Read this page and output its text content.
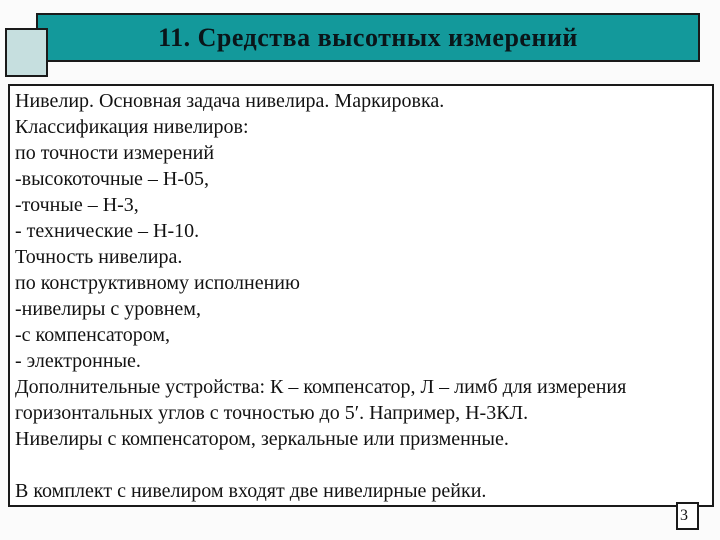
11. Средства высотных измерений
Нивелир. Основная задача нивелира. Маркировка.
Классификация нивелиров:
по точности измерений
-высокоточные – Н-05,
-точные – Н-3,
- технические – Н-10.
Точность нивелира.
по конструктивному исполнению
-нивелиры с уровнем,
-с компенсатором,
- электронные.
Дополнительные устройства: К – компенсатор, Л – лимб для измерения
горизонтальных углов с точностью до 5′. Например, Н-3КЛ.
Нивелиры с компенсатором, зеркальные или призменные.

В комплект с нивелиром входят две нивелирные рейки.
3
